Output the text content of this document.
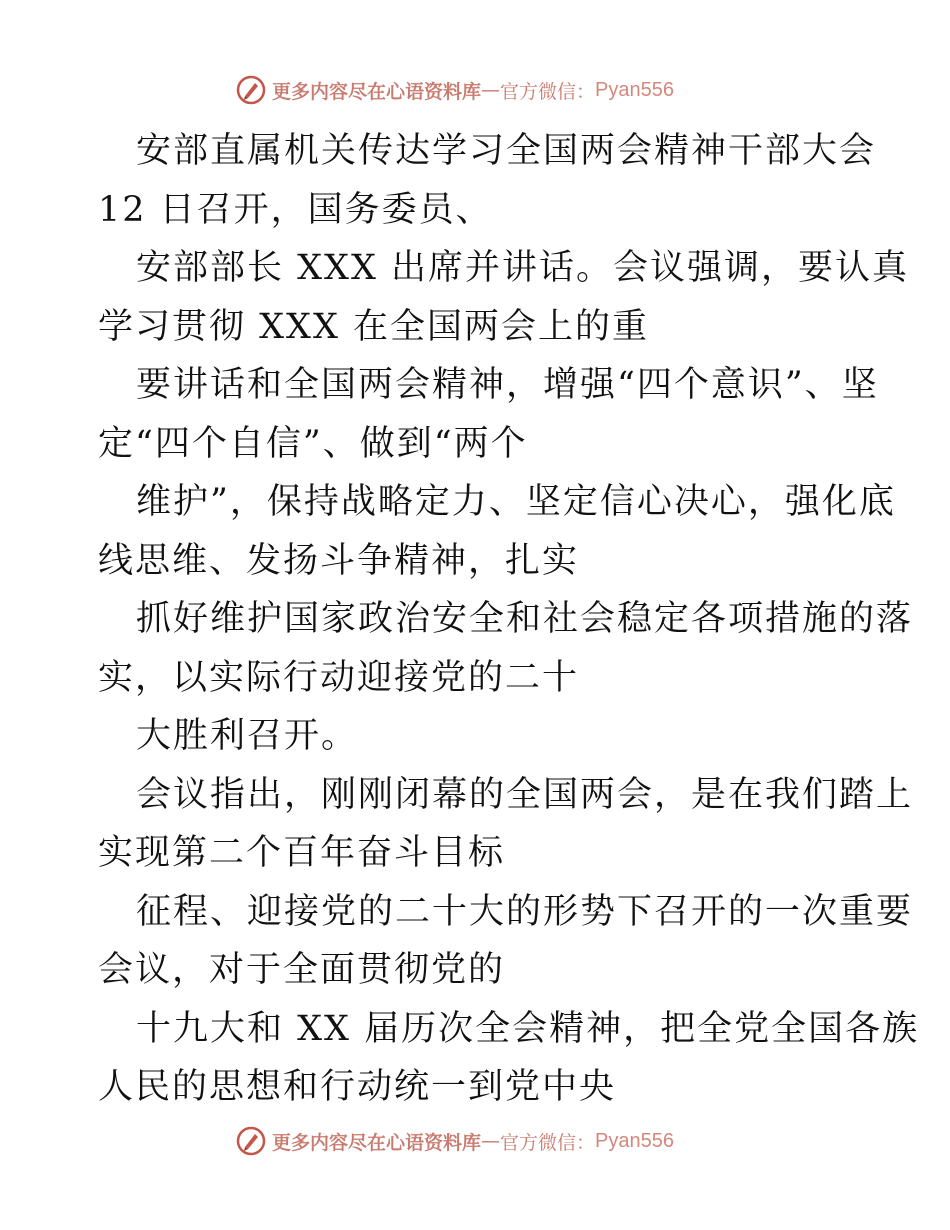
更多内容尽在心语资料库 — 官方微信： Pyan556
安部直属机关传达学习全国两会精神干部大会
12 日召开，国务委员、
安部部长 XXX 出席并讲话。会议强调，要认真
学习贯彻 XXX 在全国两会上的重
要讲话和全国两会精神，增强“四个意识”、坚
定“四个自信”、做到“两个
维护”，保持战略定力、坚定信心决心，强化底
线思维、发扬斗争精神，扎实
抓好维护国家政治安全和社会稳定各项措施的落
实，以实际行动迎接党的二十
大胜利召开。
会议指出，刚刚闭幕的全国两会，是在我们踏上
实现第二个百年奋斗目标
征程、迎接党的二十大的形势下召开的一次重要
会议，对于全面贯彻党的
十九大和 XX 届历次全会精神，把全党全国各族
人民的思想和行动统一到党中央
更多内容尽在心语资料库 — 官方微信： Pyan556
